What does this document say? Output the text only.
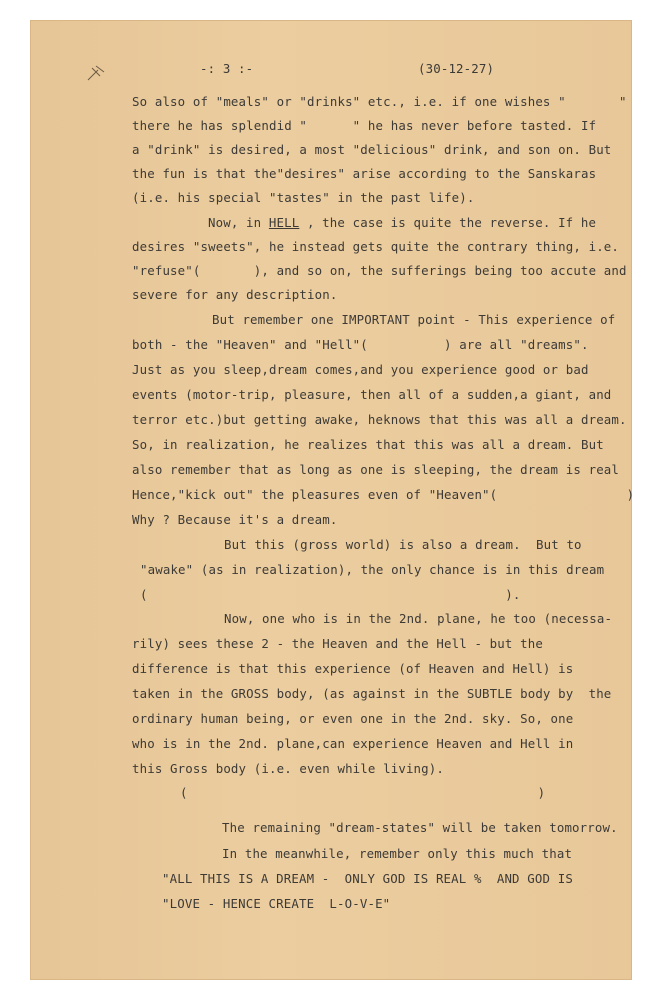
-: 3 :-	(30-12-27)
So also of "meals" or "drinks" etc., i.e. if one wishes "       "
there he has splendid "      " he has never before tasted. If
a "drink" is desired, a most "delicious" drink, and son on. But
the fun is that the"desires" arise according to the Sanskaras
(i.e. his special "tastes" in the past life).
Now, in HELL , the case is quite the reverse. If he
desires "sweets", he instead gets quite the contrary thing, i.e.
"refuse"(       ), and so on, the sufferings being too accute and
severe for any description.
But remember one IMPORTANT point - This experience of
both - the "Heaven" and "Hell"(          ) are all "dreams".
Just as you sleep,dream comes,and you experience good or bad
events (motor-trip, pleasure, then all of a sudden,a giant, and
terror etc.)but getting awake, heknows that this was all a dream.
So, in realization, he realizes that this was all a dream. But
also remember that as long as one is sleeping, the dream is real
Hence,"kick out" the pleasures even of "Heaven"(                 )
Why ? Because it's a dream.
But this (gross world) is also a dream.  But to
"awake" (as in realization), the only chance is in this dream
(                                               ).
Now, one who is in the 2nd. plane, he too (necessa-
rily) sees these 2 - the Heaven and the Hell - but the
difference is that this experience (of Heaven and Hell) is
taken in the GROSS body, (as against in the SUBTLE body by  the
ordinary human being, or even one in the 2nd. sky. So, one
who is in the 2nd. plane,can experience Heaven and Hell in
this Gross body (i.e. even while living).
(                                              )
The remaining "dream-states" will be taken tomorrow.
In the meanwhile, remember only this much that
"ALL THIS IS A DREAM -  ONLY GOD IS REAL %  AND GOD IS
"LOVE - HENCE CREATE  L-O-V-E"
